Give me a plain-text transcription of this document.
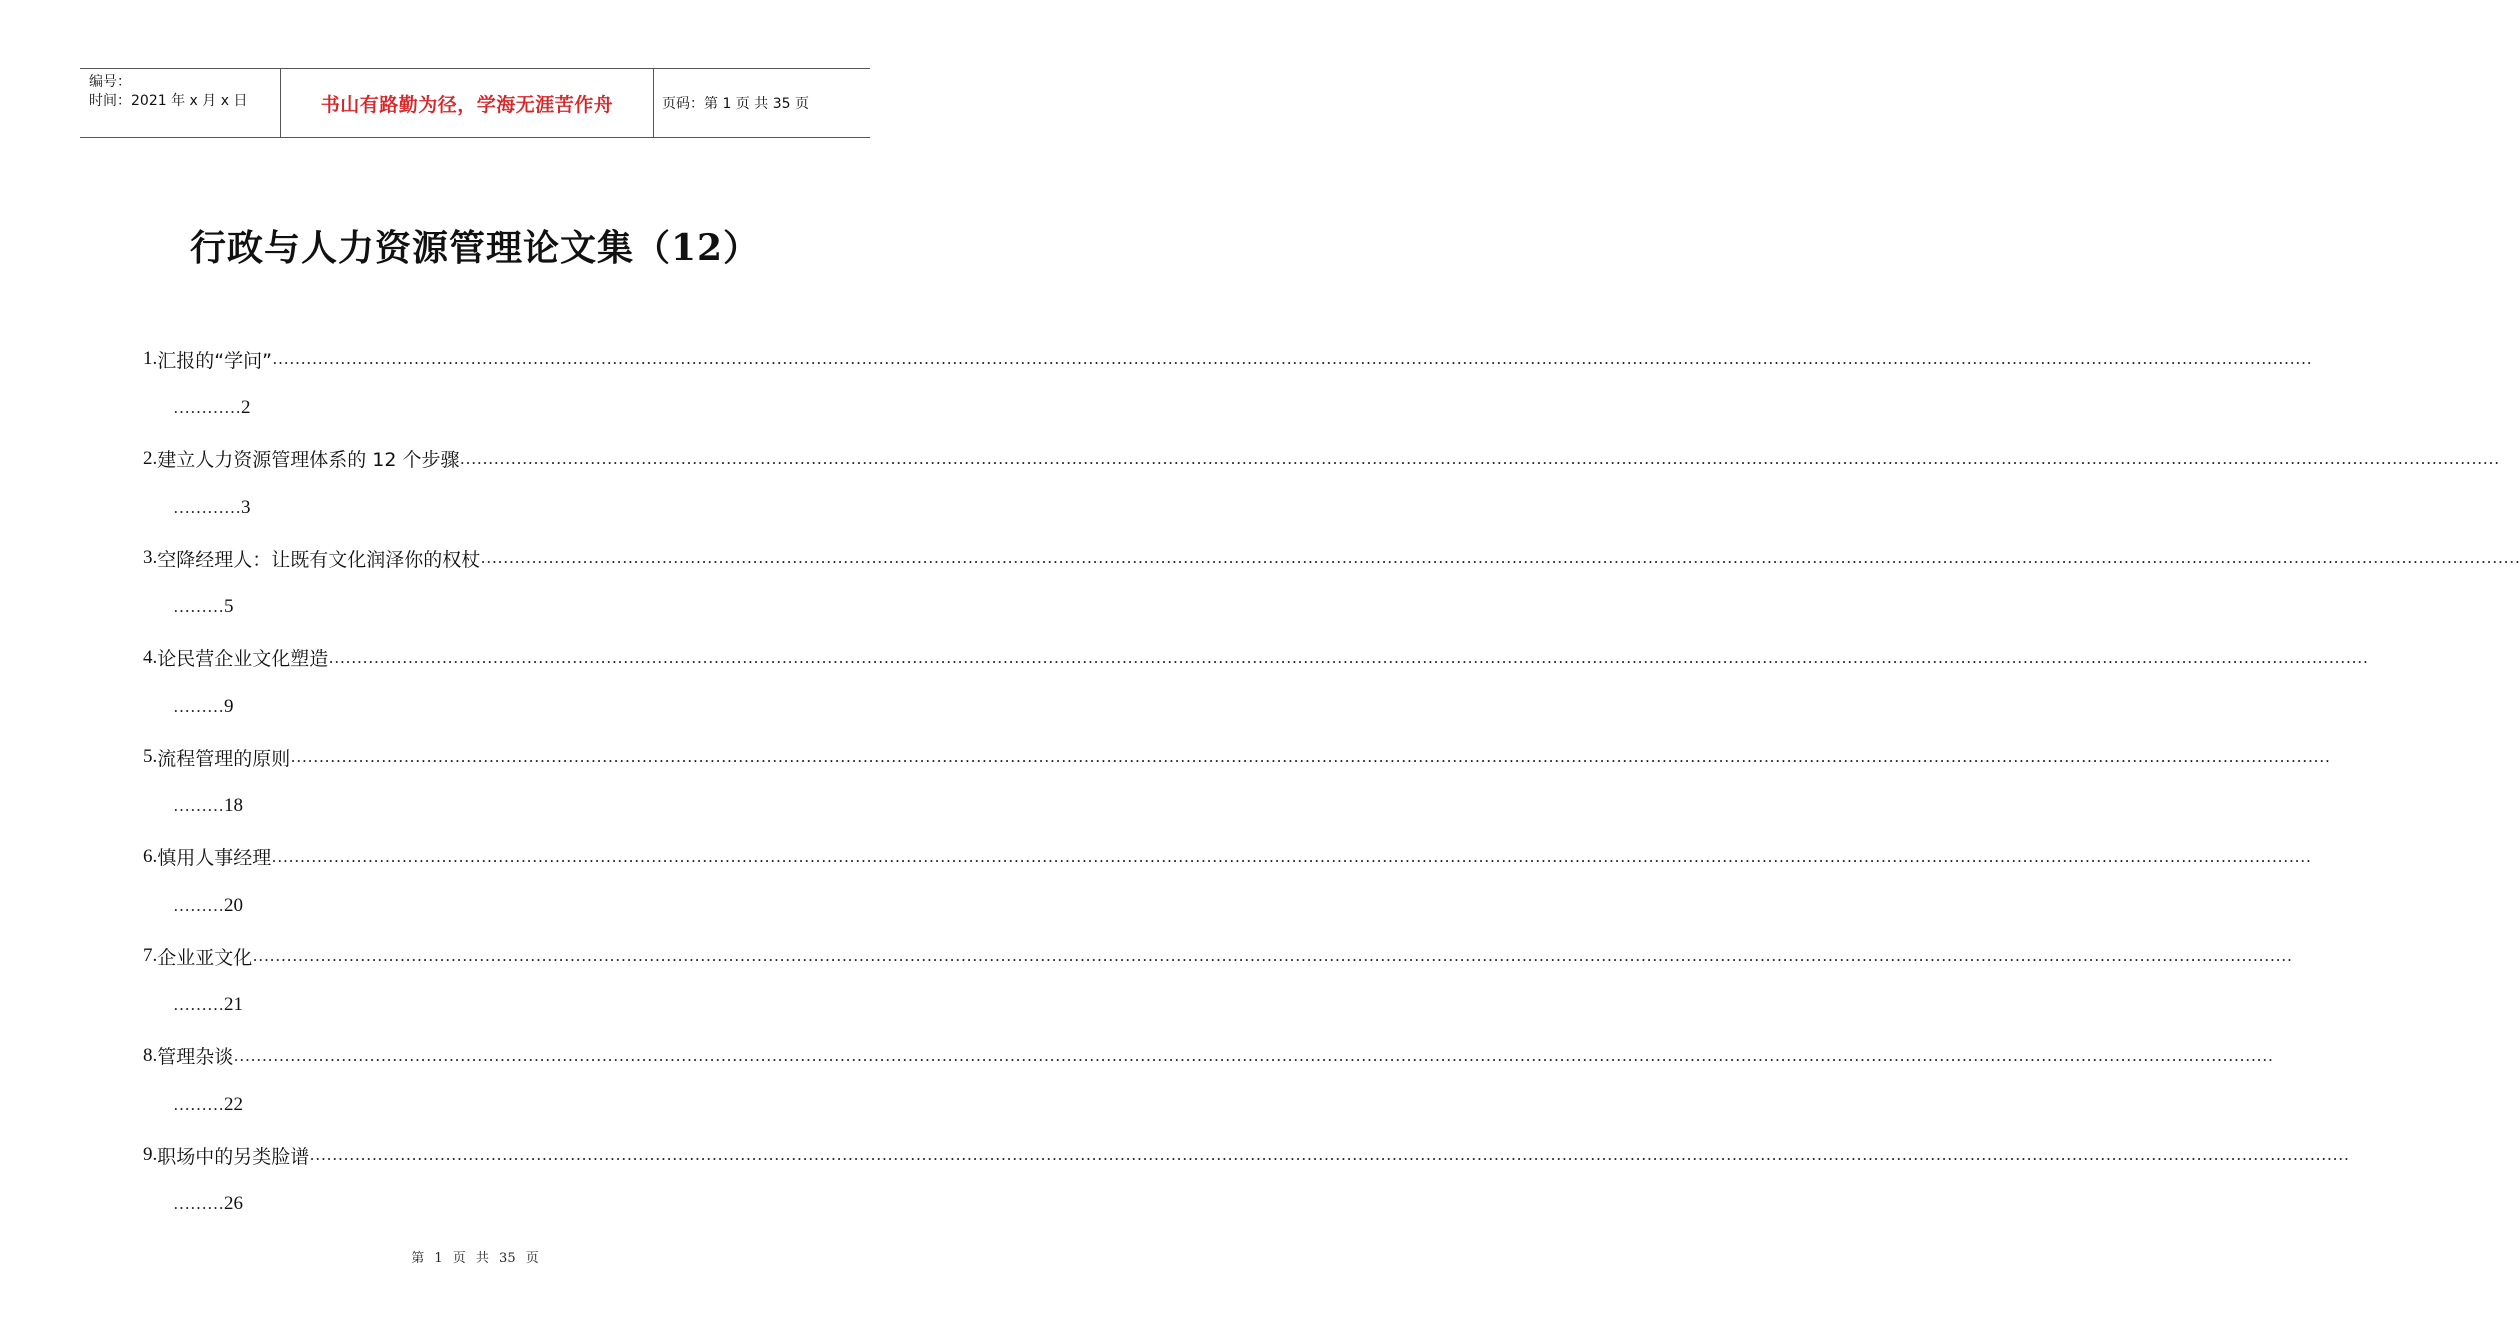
编号：
时间：2021 年 x 月 x 日	书山有路勤为径，学海无涯苦作舟	页码：第 1 页 共 35 页
行政与人力资源管理论文集（12）
1. 汇报的“学问” ………………………………………………………………………………………………………………………………………………………………………………………………………………………………………………………………………………………………………………………………
………… 2
2. 建立人力资源管理体系的 12 个步骤 ………………………………………………………………………………………………………………………………………………………………………………………………………………………………………………………………………………………………………………………………
………… 3
3. 空降经理人：让既有文化润泽你的权杖 ………………………………………………………………………………………………………………………………………………………………………………………………………………………………………………………………………………………………………………………………
……… 5
4. 论民营企业文化塑造 ………………………………………………………………………………………………………………………………………………………………………………………………………………………………………………………………………………………………………………………………
……… 9
5. 流程管理的原则 ………………………………………………………………………………………………………………………………………………………………………………………………………………………………………………………………………………………………………………………………
……… 18
6. 慎用人事经理 ………………………………………………………………………………………………………………………………………………………………………………………………………………………………………………………………………………………………………………………………
……… 20
7. 企业亚文化 ………………………………………………………………………………………………………………………………………………………………………………………………………………………………………………………………………………………………………………………………
……… 21
8. 管理杂谈 ………………………………………………………………………………………………………………………………………………………………………………………………………………………………………………………………………………………………………………………………
……… 22
9. 职场中的另类脸谱 ………………………………………………………………………………………………………………………………………………………………………………………………………………………………………………………………………………………………………………………………
……… 26
第 1 页 共 35 页
